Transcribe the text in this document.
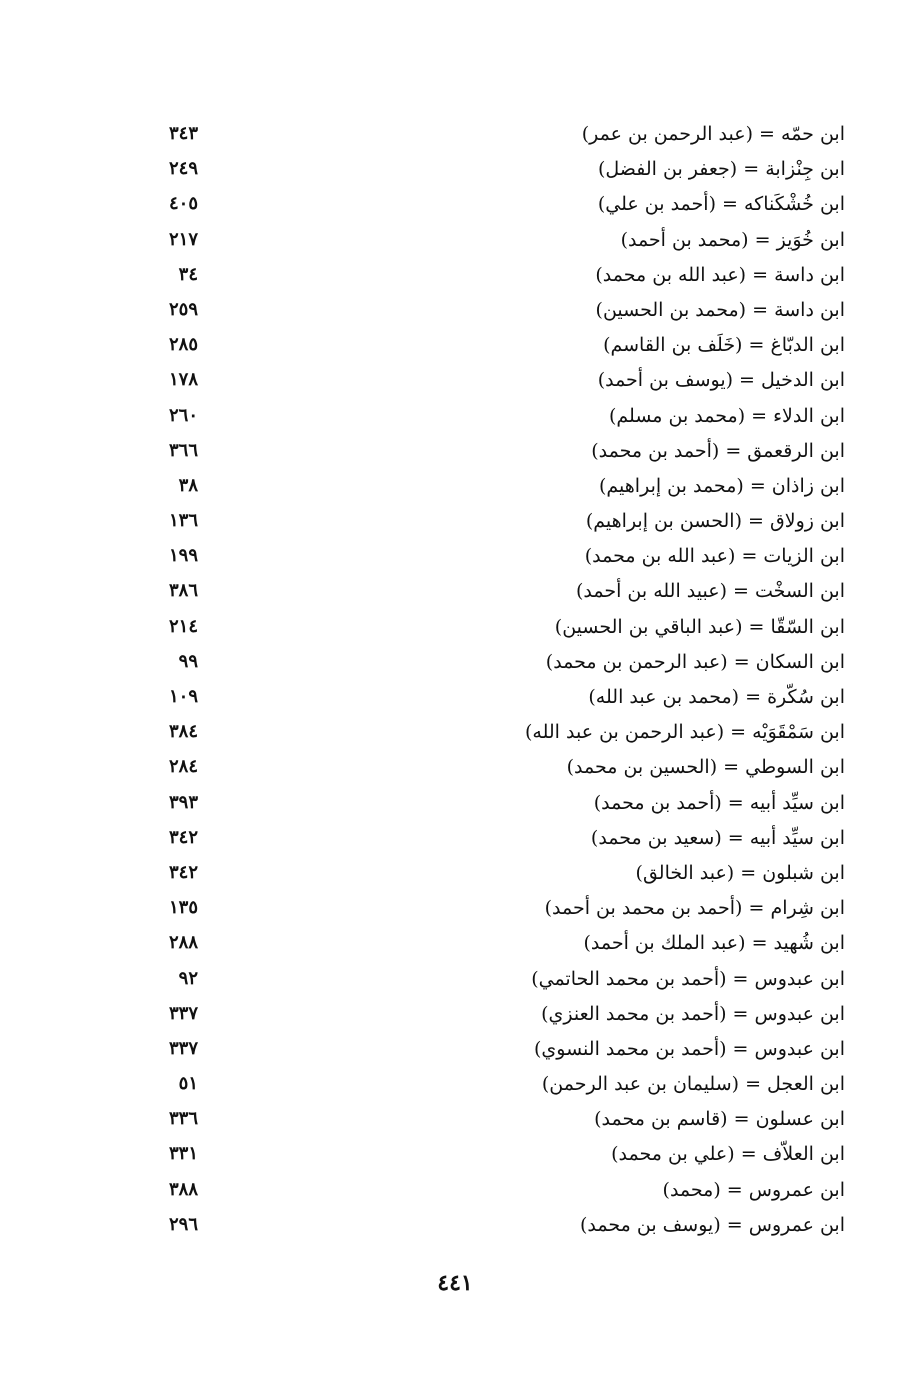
ابن حمّه = (عبد الرحمن بن عمر)
٣٤٣
ابن جِنْزابة = (جعفر بن الفضل)
٢٤٩
ابن خُشْكَناكه = (أحمد بن علي)
٤٠٥
ابن خُوَيز = (محمد بن أحمد)
٢١٧
ابن داسة = (عبد الله بن محمد)
٣٤
ابن داسة = (محمد بن الحسين)
٢٥٩
ابن الدبّاغ = (خَلَف بن القاسم)
٢٨٥
ابن الدخيل = (يوسف بن أحمد)
١٧٨
ابن الدلاء = (محمد بن مسلم)
٢٦٠
ابن الرقعمق = (أحمد بن محمد)
٣٦٦
ابن زاذان = (محمد بن إبراهيم)
٣٨
ابن زولاق = (الحسن بن إبراهيم)
١٣٦
ابن الزيات = (عبد الله بن محمد)
١٩٩
ابن السخْت = (عبيد الله بن أحمد)
٣٨٦
ابن السّقّا = (عبد الباقي بن الحسين)
٢١٤
ابن السكان = (عبد الرحمن بن محمد)
٩٩
ابن سُكّرة = (محمد بن عبد الله)
١٠٩
ابن سَمْقَوَيْه = (عبد الرحمن بن عبد الله)
٣٨٤
ابن السوطي = (الحسين بن محمد)
٢٨٤
ابن سيِّد أبيه = (أحمد بن محمد)
٣٩٣
ابن سيِّد أبيه = (سعيد بن محمد)
٣٤٢
ابن شبلون = (عبد الخالق)
٣٤٢
ابن شِرام = (أحمد بن محمد بن أحمد)
١٣٥
ابن شُهيد = (عبد الملك بن أحمد)
٢٨٨
ابن عبدوس = (أحمد بن محمد الحاتمي)
٩٢
ابن عبدوس = (أحمد بن محمد العنزي)
٣٣٧
ابن عبدوس = (أحمد بن محمد النسوي)
٣٣٧
ابن العجل = (سليمان بن عبد الرحمن)
٥١
ابن عسلون = (قاسم بن محمد)
٣٣٦
ابن العلاّف = (علي بن محمد)
٣٣١
ابن عمروس = (محمد)
٣٨٨
ابن عمروس = (يوسف بن محمد)
٢٩٦
٤٤١
